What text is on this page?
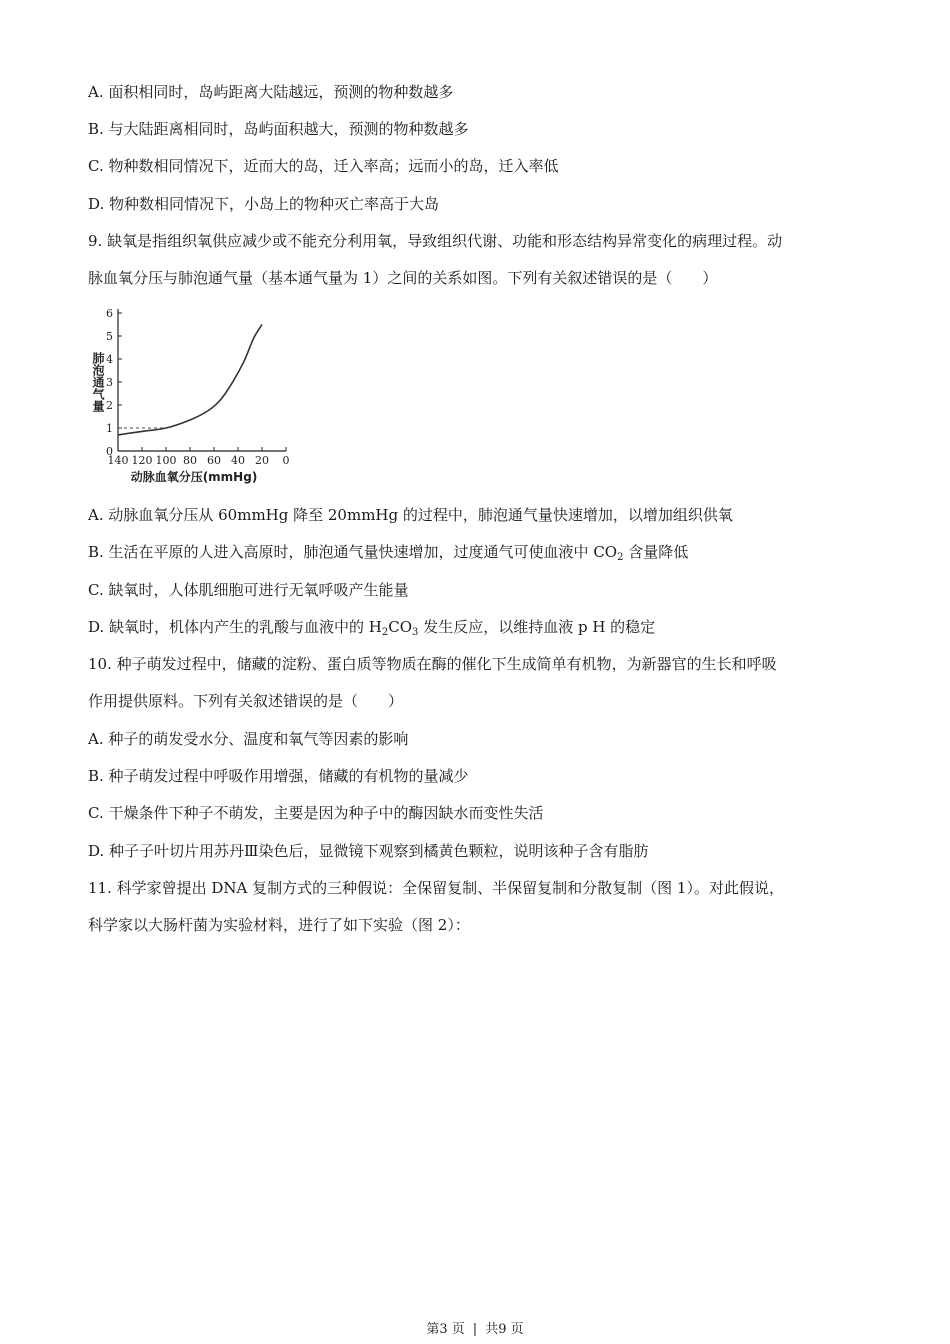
A. 面积相同时，岛屿距离大陆越远，预测的物种数越多
B. 与大陆距离相同时，岛屿面积越大，预测的物种数越多
C. 物种数相同情况下，近而大的岛，迁入率高；远而小的岛，迁入率低
D. 物种数相同情况下，小岛上的物种灭亡率高于大岛
9. 缺氧是指组织氧供应减少或不能充分利用氧，导致组织代谢、功能和形态结构异常变化的病理过程。动
脉血氧分压与肺泡通气量（基本通气量为 1）之间的关系如图。下列有关叙述错误的是（　　）
0
1
2
3
4
5
6
140 120 100 80 60 40 20 0
肺泡通气量
动脉血氧分压(mmHg)
A. 动脉血氧分压从 60mmHg 降至 20mmHg 的过程中，肺泡通气量快速增加，以增加组织供氧
B. 生活在平原的人进入高原时，肺泡通气量快速增加，过度通气可使血液中 $CO_2$ 含量降低
C. 缺氧时，人体肌细胞可进行无氧呼吸产生能量
D. 缺氧时，机体内产生的乳酸与血液中的 $H_2CO_3$ 发生反应，以维持血液 p H 的稳定
10. 种子萌发过程中，储藏的淀粉、蛋白质等物质在酶的催化下生成简单有机物，为新器官的生长和呼吸
作用提供原料。下列有关叙述错误的是（　　）
A. 种子的萌发受水分、温度和氧气等因素的影响
B. 种子萌发过程中呼吸作用增强，储藏的有机物的量减少
C. 干燥条件下种子不萌发，主要是因为种子中的酶因缺水而变性失活
D. 种子子叶切片用苏丹Ⅲ染色后，显微镜下观察到橘黄色颗粒，说明该种子含有脂肪
11. 科学家曾提出 DNA 复制方式的三种假说：全保留复制、半保留复制和分散复制（图 1）。对此假说，
科学家以大肠杆菌为实验材料，进行了如下实验（图 2）：
第3 页 | 共9 页
